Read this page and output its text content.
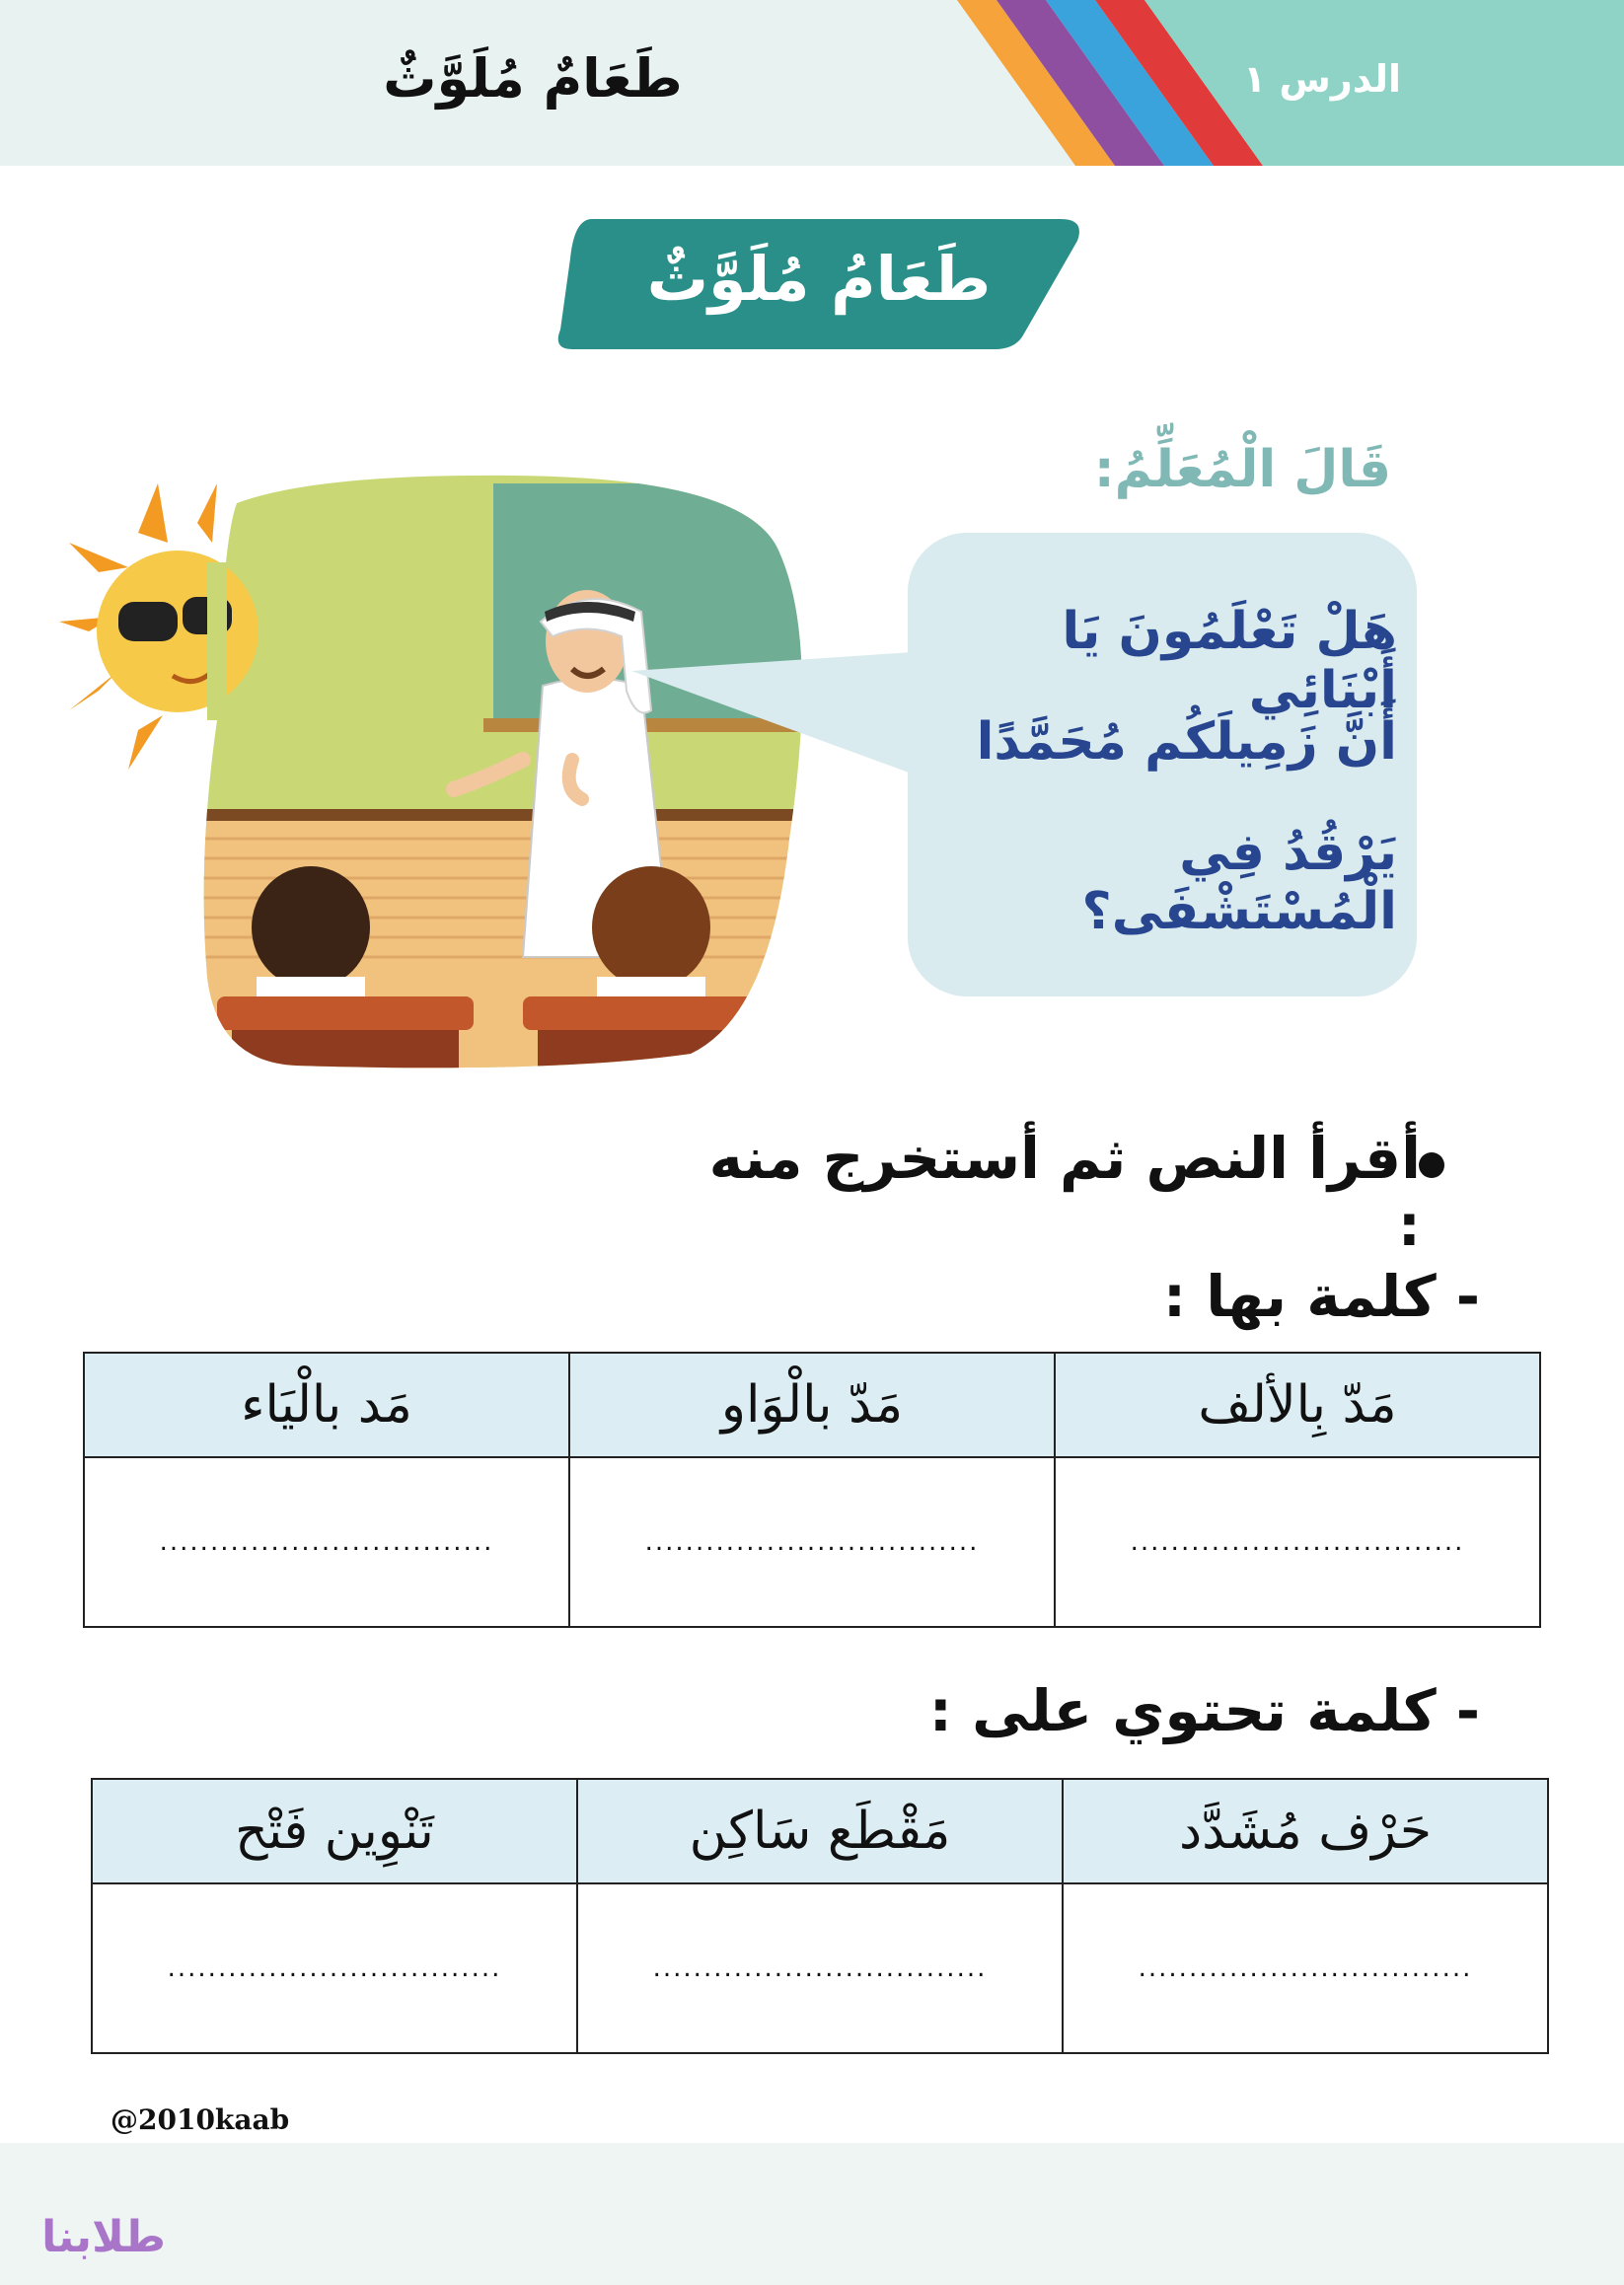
طَعَامٌ مُلَوَّثٌ	الدرس ١
طَعَامُ مُلَوَّثٌ
قَالَ الْمُعَلِّمُ:
هَلْ تَعْلَمُونَ يَا أَبْنَائِي
أَنَّ زَمِيلَكُم مُحَمَّدًا
يَرْقُدُ فِي الْمُسْتَشْفَى؟
أقرأ النص ثم أستخرج منه :
- كلمة بها :
مَد بالْيَاء	مَدّ بالْوَاو	مَدّ بِالألف
.................................	.................................	.................................
- كلمة تحتوي على :
تَنْوِين فَتْح	مَقْطَع سَاكِن	حَرْف مُشَدَّد
.................................	.................................	.................................
@2010kaab
طلابنا
